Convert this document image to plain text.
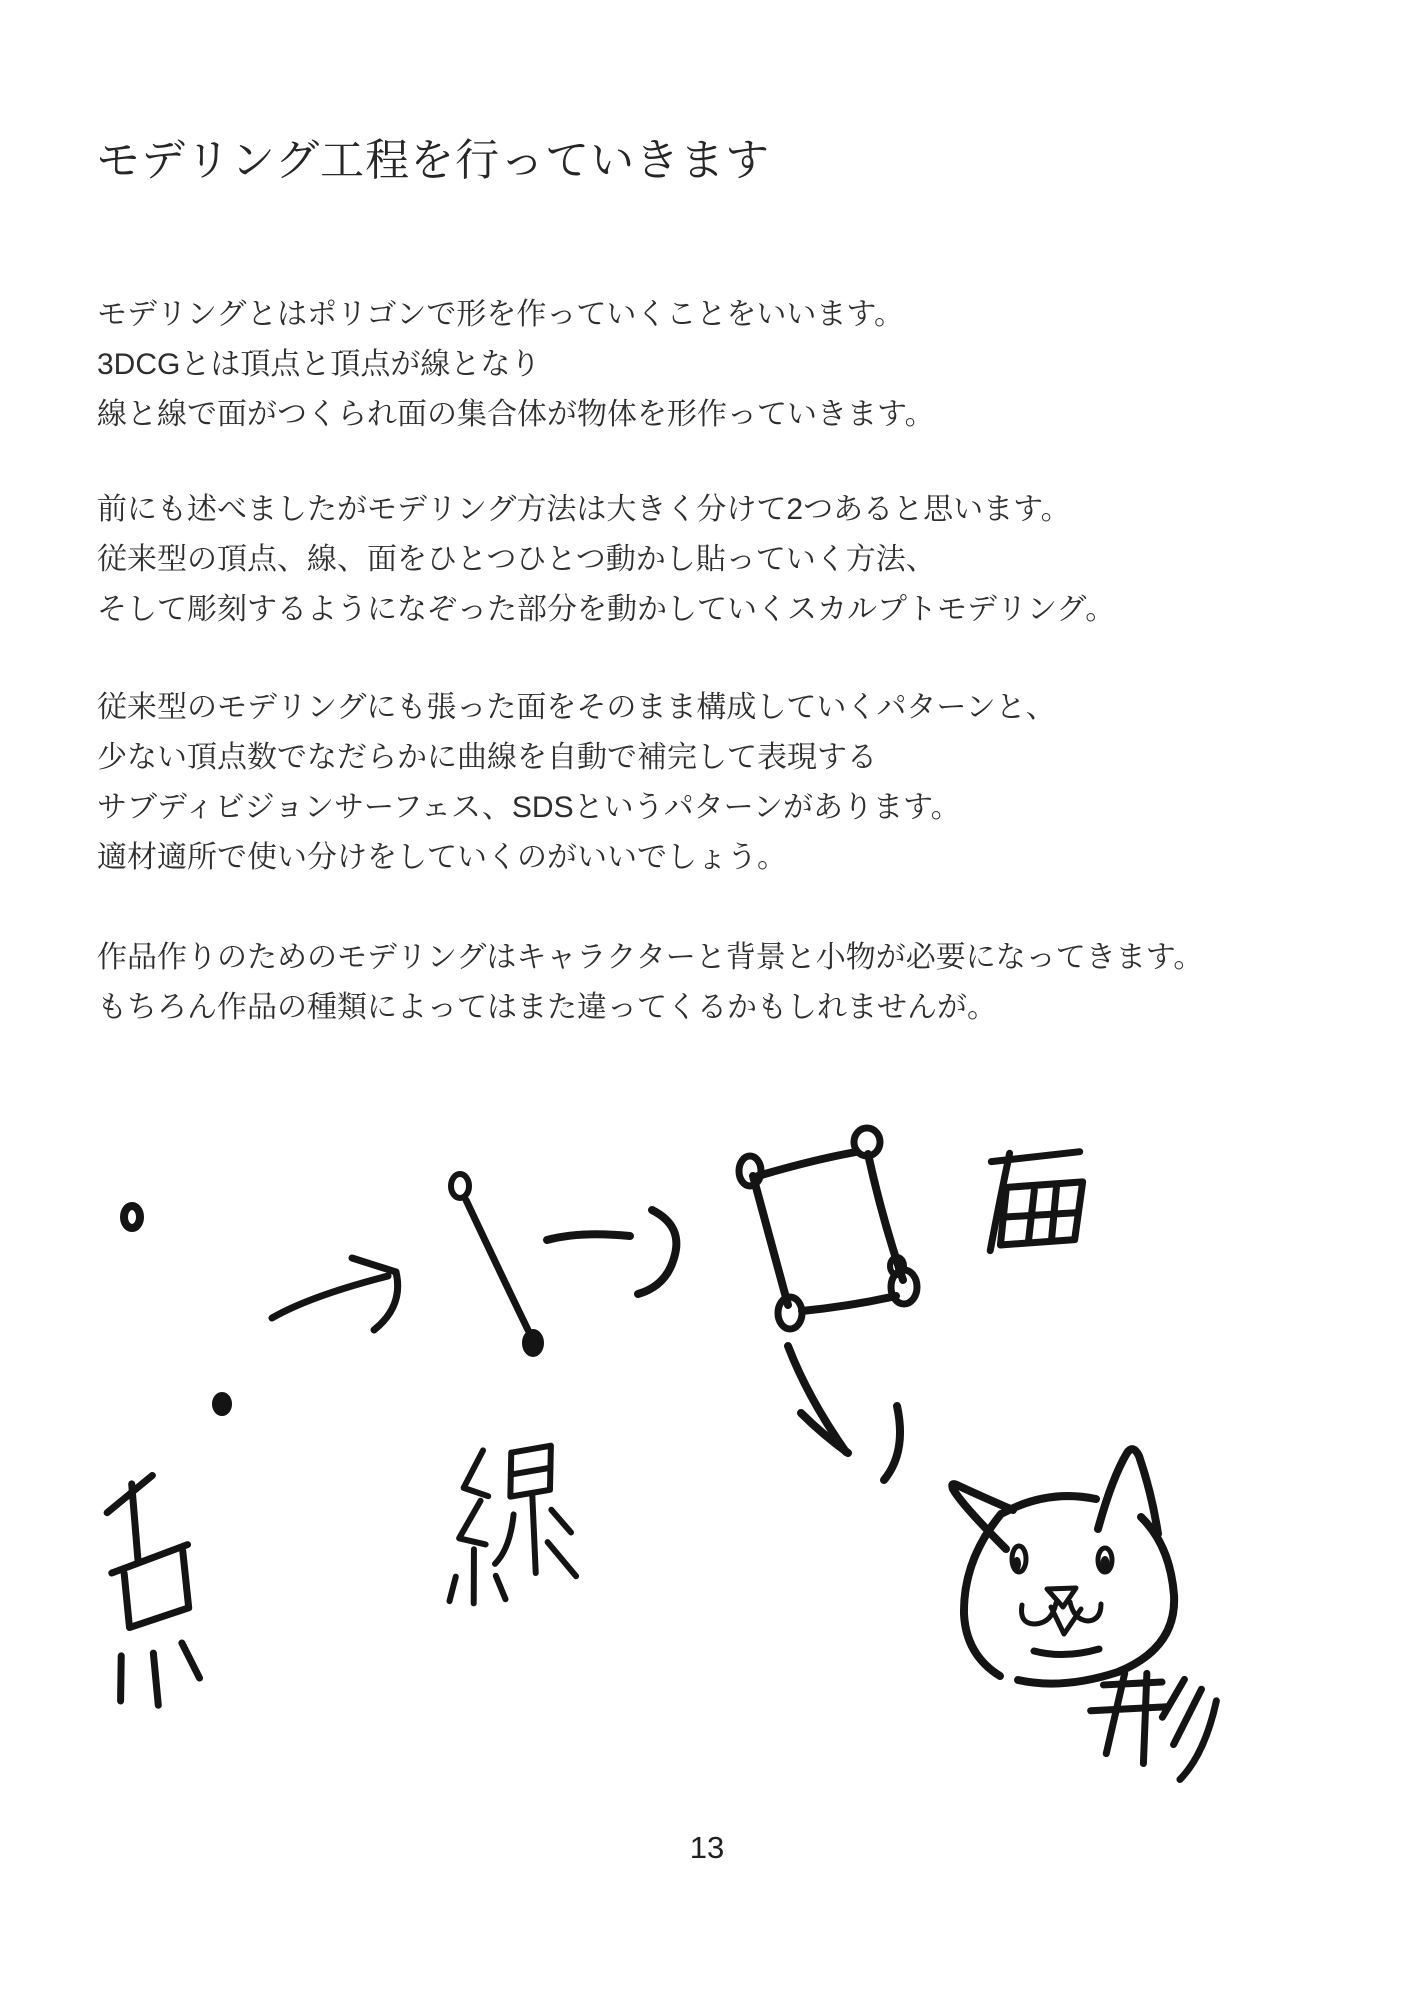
モデリング工程を行っていきます
モデリングとはポリゴンで形を作っていくことをいいます。
3DCGとは頂点と頂点が線となり
線と線で面がつくられ面の集合体が物体を形作っていきます。
前にも述べましたがモデリング方法は大きく分けて2つあると思います。
従来型の頂点、線、面をひとつひとつ動かし貼っていく方法、
そして彫刻するようになぞった部分を動かしていくスカルプトモデリング。
従来型のモデリングにも張った面をそのまま構成していくパターンと、
少ない頂点数でなだらかに曲線を自動で補完して表現する
サブディビジョンサーフェス、SDSというパターンがあります。
適材適所で使い分けをしていくのがいいでしょう。
作品作りのためのモデリングはキャラクターと背景と小物が必要になってきます。
もちろん作品の種類によってはまた違ってくるかもしれませんが。
13
